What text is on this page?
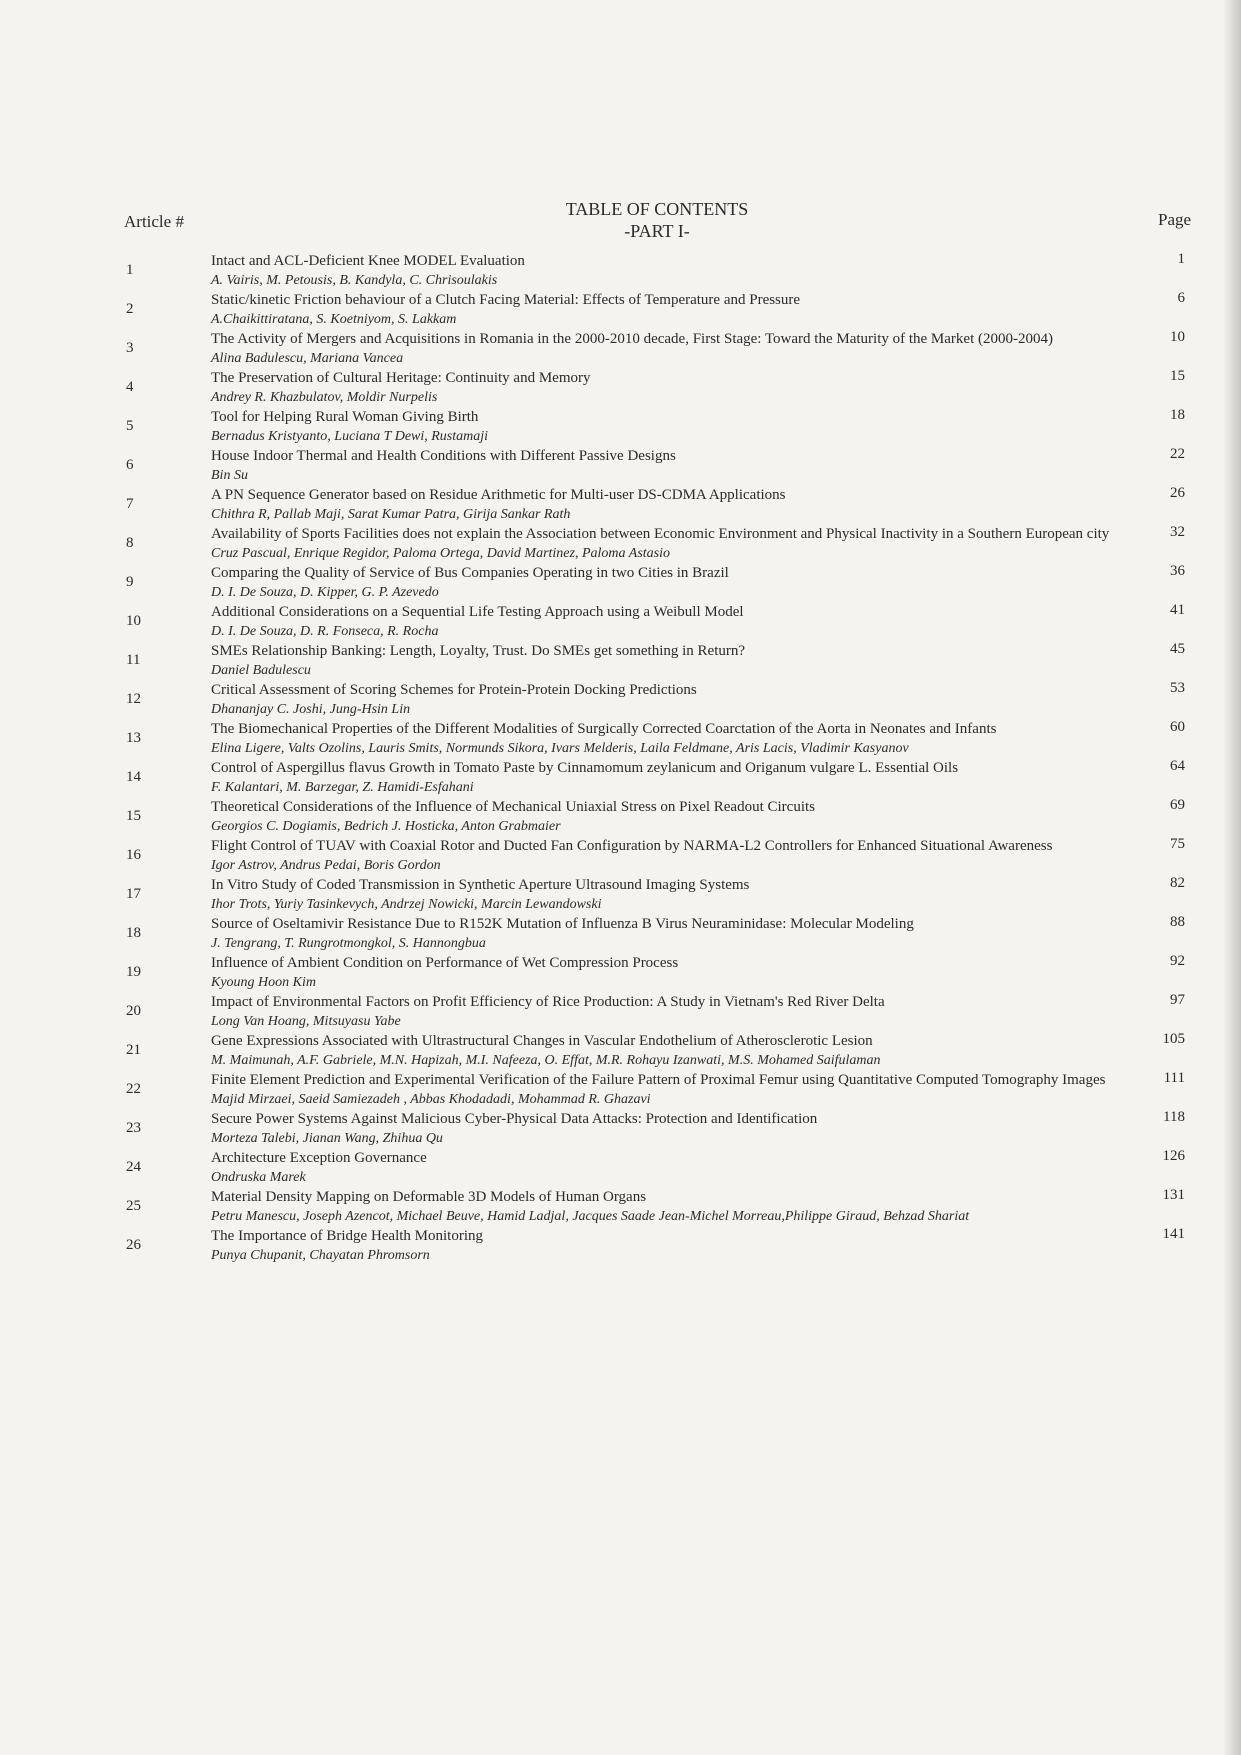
Article #
TABLE OF CONTENTS
-PART I-
Page
1
Intact and ACL-Deficient Knee MODEL Evaluation
A. Vairis, M. Petousis, B. Kandyla, C. Chrisoulakis
1
2
Static/kinetic Friction behaviour of a Clutch Facing Material: Effects of Temperature and Pressure
A.Chaikittiratana, S. Koetniyom, S. Lakkam
6
3
The Activity of Mergers and Acquisitions in Romania in the 2000-2010 decade, First Stage: Toward the Maturity of the Market (2000-2004)
Alina Badulescu, Mariana Vancea
10
4
The Preservation of Cultural Heritage: Continuity and Memory
Andrey R. Khazbulatov, Moldir Nurpelis
15
5
Tool for Helping Rural Woman Giving Birth
Bernadus Kristyanto, Luciana T Dewi, Rustamaji
18
6
House Indoor Thermal and Health Conditions with Different Passive Designs
Bin Su
22
7
A PN Sequence Generator based on Residue Arithmetic for Multi-user DS-CDMA Applications
Chithra R, Pallab Maji, Sarat Kumar Patra, Girija Sankar Rath
26
8
Availability of Sports Facilities does not explain the Association between Economic Environment and Physical Inactivity in a Southern European city
Cruz Pascual, Enrique Regidor, Paloma Ortega, David Martinez, Paloma Astasio
32
9
Comparing the Quality of Service of Bus Companies Operating in two Cities in Brazil
D. I. De Souza, D. Kipper, G. P. Azevedo
36
10
Additional Considerations on a Sequential Life Testing Approach using a Weibull Model
D. I. De Souza, D. R. Fonseca, R. Rocha
41
11
SMEs Relationship Banking: Length, Loyalty, Trust. Do SMEs get something in Return?
Daniel Badulescu
45
12
Critical Assessment of Scoring Schemes for Protein-Protein Docking Predictions
Dhananjay C. Joshi, Jung-Hsin Lin
53
13
The Biomechanical Properties of the Different Modalities of Surgically Corrected Coarctation of the Aorta in Neonates and Infants
Elina Ligere, Valts Ozolins, Lauris Smits, Normunds Sikora, Ivars Melderis, Laila Feldmane, Aris Lacis, Vladimir Kasyanov
60
14
Control of Aspergillus flavus Growth in Tomato Paste by Cinnamomum zeylanicum and Origanum vulgare L. Essential Oils
F. Kalantari, M. Barzegar, Z. Hamidi-Esfahani
64
15
Theoretical Considerations of the Influence of Mechanical Uniaxial Stress on Pixel Readout Circuits
Georgios C. Dogiamis, Bedrich J. Hosticka, Anton Grabmaier
69
16
Flight Control of TUAV with Coaxial Rotor and Ducted Fan Configuration by NARMA-L2 Controllers for Enhanced Situational Awareness
Igor Astrov, Andrus Pedai, Boris Gordon
75
17
In Vitro Study of Coded Transmission in Synthetic Aperture Ultrasound Imaging Systems
Ihor Trots, Yuriy Tasinkevych, Andrzej Nowicki, Marcin Lewandowski
82
18
Source of Oseltamivir Resistance Due to R152K Mutation of Influenza B Virus Neuraminidase: Molecular Modeling
J. Tengrang, T. Rungrotmongkol, S. Hannongbua
88
19
Influence of Ambient Condition on Performance of Wet Compression Process
Kyoung Hoon Kim
92
20
Impact of Environmental Factors on Profit Efficiency of Rice Production: A Study in Vietnam's Red River Delta
Long Van Hoang, Mitsuyasu Yabe
97
21
Gene Expressions Associated with Ultrastructural Changes in Vascular Endothelium of Atherosclerotic Lesion
M. Maimunah, A.F. Gabriele, M.N. Hapizah, M.I. Nafeeza, O. Effat, M.R. Rohayu Izanwati, M.S. Mohamed Saifulaman
105
22
Finite Element Prediction and Experimental Verification of the Failure Pattern of Proximal Femur using Quantitative Computed Tomography Images
Majid Mirzaei, Saeid Samiezadeh , Abbas Khodadadi, Mohammad R. Ghazavi
111
23
Secure Power Systems Against Malicious Cyber-Physical Data Attacks: Protection and Identification
Morteza Talebi, Jianan Wang, Zhihua Qu
118
24
Architecture Exception Governance
Ondruska Marek
126
25
Material Density Mapping on Deformable 3D Models of Human Organs
Petru Manescu, Joseph Azencot, Michael Beuve, Hamid Ladjal, Jacques Saade Jean-Michel Morreau,Philippe Giraud, Behzad Shariat
131
26
The Importance of Bridge Health Monitoring
Punya Chupanit, Chayatan Phromsorn
141
